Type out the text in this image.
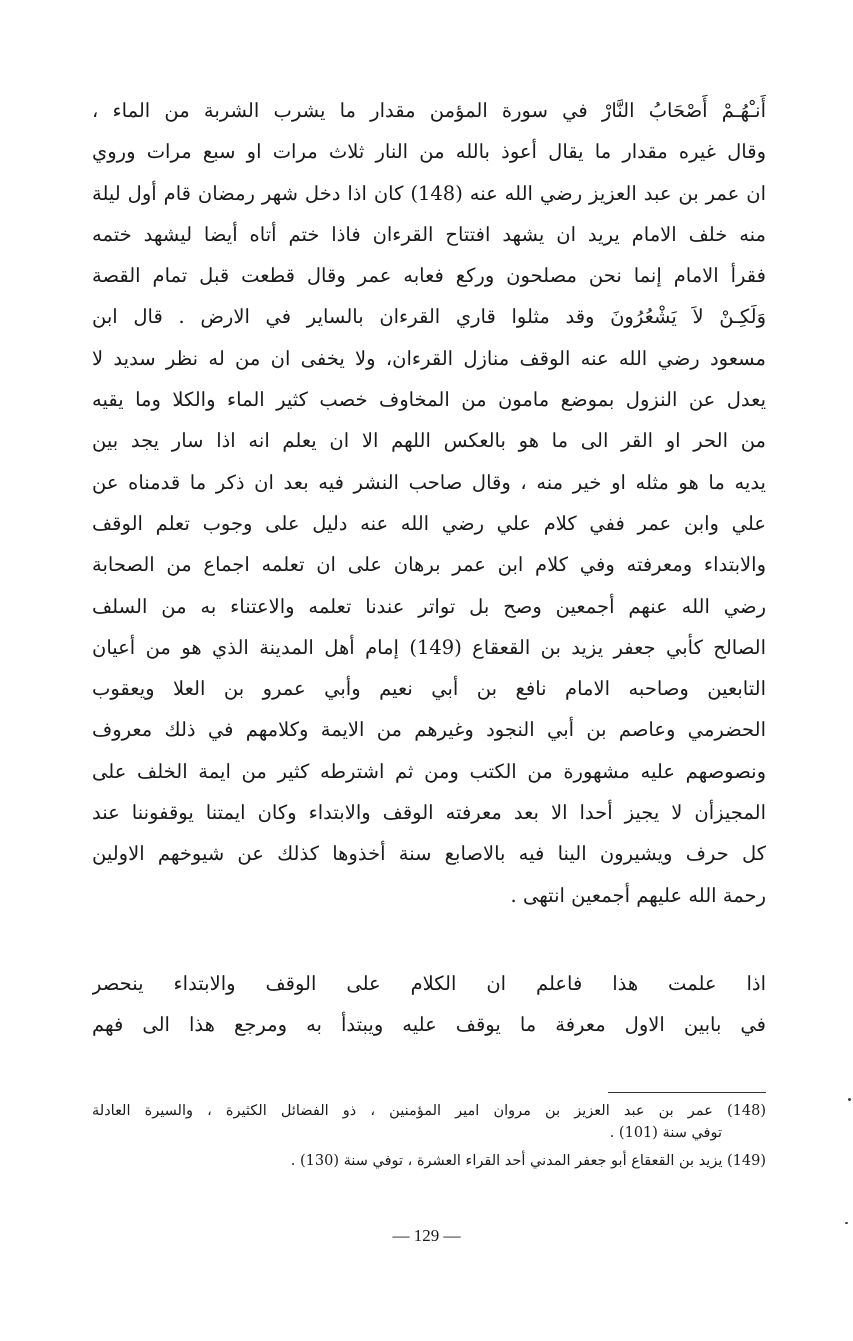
أَنـْهُـمْ أَصْحَابُ النَّارْ في سورة المؤمن مقدار ما يشرب الشربة من الماء ،
وقال غيره مقدار ما يقال أعوذ بالله من النار ثلاث مرات او سبع مرات وروي
ان عمر بن عبد العزيز رضي الله عنه (148) كان اذا دخل شهر رمضان قام أول ليلة
منه خلف الامام يريد ان يشهد افتتاح القرءان فاذا ختم أتاه أيضا ليشهد ختمه
فقرأ الامام إنما نحن مصلحون وركع فعابه عمر وقال قطعت قبل تمام القصة
وَلَكِـنْ لاَ يَشْعُرُونَ وقد مثلوا قاري القرءان بالساير في الارض . قال ابن
مسعود رضي الله عنه الوقف منازل القرءان، ولا يخفى ان من له نظر سديد لا
يعدل عن النزول بموضع مامون من المخاوف خصب كثير الماء والكلا وما يقيه
من الحر او القر الى ما هو بالعكس اللهم الا ان يعلم انه اذا سار يجد بين
يديه ما هو مثله او خير منه ، وقال صاحب النشر فيه بعد ان ذكر ما قدمناه عن
علي وابن عمر ففي كلام علي رضي الله عنه دليل على وجوب تعلم الوقف
والابتداء ومعرفته وفي كلام ابن عمر برهان على ان تعلمه اجماع من الصحابة
رضي الله عنهم أجمعين وصح بل تواتر عندنا تعلمه والاعتناء به من السلف
الصالح كأبي جعفر يزيد بن القعقاع (149) إمام أهل المدينة الذي هو من أعيان
التابعين وصاحبه الامام نافع بن أبي نعيم وأبي عمرو بن العلا ويعقوب
الحضرمي وعاصم بن أبي النجود وغيرهم من الايمة وكلامهم في ذلك معروف
ونصوصهم عليه مشهورة من الكتب ومن ثم اشترطه كثير من ايمة الخلف على
المجيزأن لا يجيز أحدا الا بعد معرفته الوقف والابتداء وكان ايمتنا يوقفوننا عند
كل حرف ويشيرون الينا فيه بالاصابع سنة أخذوها كذلك عن شيوخهم الاولين
رحمة الله عليهم أجمعين انتهى .
اذا علمت هذا فاعلم ان الكلام على الوقف والابتداء ينحصر
في بابين الاول معرفة ما يوقف عليه ويبتدأ به ومرجع هذا الى فهم
(148) عمر بن عبد العزيز بن مروان امير المؤمنين ، ذو الفضائل الكثيرة ، والسيرة العادلة
توفي سنة (101) .
(149) يزيد بن القعقاع أبو جعفر المدني أحد القراء العشرة ، توفي سنة (130) .
— 129 —
